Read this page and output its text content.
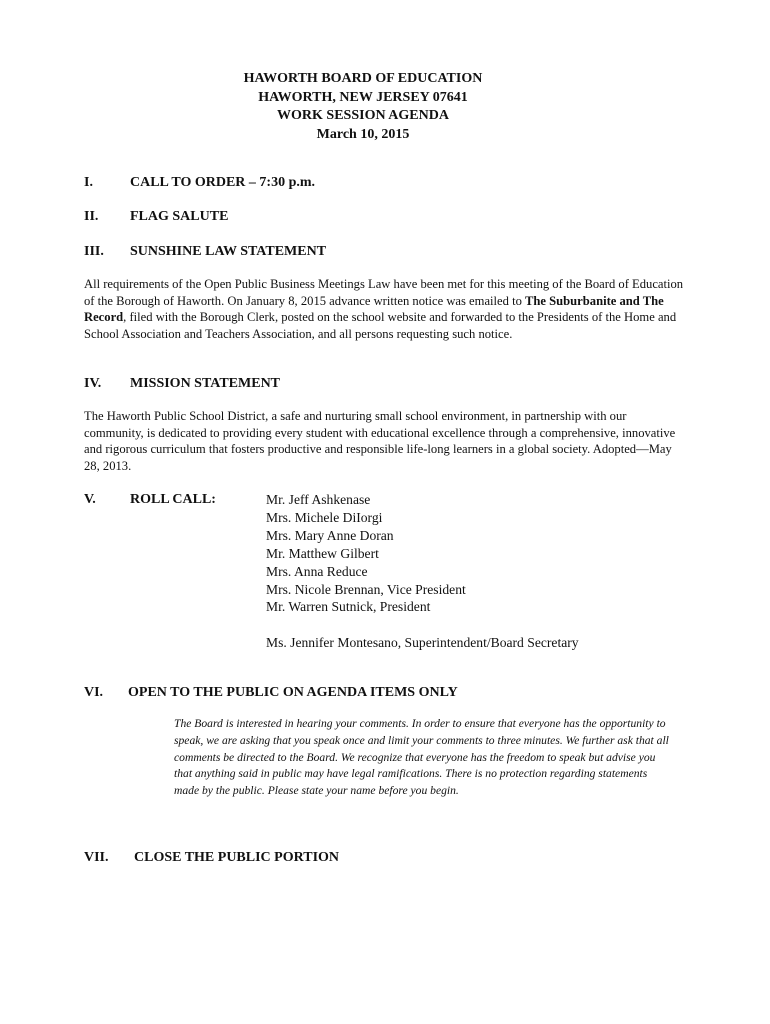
HAWORTH BOARD OF EDUCATION
HAWORTH, NEW JERSEY 07641
WORK SESSION AGENDA
March 10, 2015
I.	CALL TO ORDER – 7:30 p.m.
II. FLAG SALUTE
III. SUNSHINE LAW STATEMENT
All requirements of the Open Public Business Meetings Law have been met for this meeting of the Board of Education of the Borough of Haworth. On January 8, 2015 advance written notice was emailed to The Suburbanite and The Record, filed with the Borough Clerk, posted on the school website and forwarded to the Presidents of the Home and School Association and Teachers Association, and all persons requesting such notice.
IV. MISSION STATEMENT
The Haworth Public School District, a safe and nurturing small school environment, in partnership with our community, is dedicated to providing every student with educational excellence through a comprehensive, innovative and rigorous curriculum that fosters productive and responsible life-long learners in a global society. Adopted—May 28, 2013.
V.	ROLL CALL:	Mr. Jeff Ashkenase
Mrs. Michele DiIorgi
Mrs. Mary Anne Doran
Mr. Matthew Gilbert
Mrs. Anna Reduce
Mrs. Nicole Brennan, Vice President
Mr. Warren Sutnick, President
Ms. Jennifer Montesano, Superintendent/Board Secretary
VI. OPEN TO THE PUBLIC ON AGENDA ITEMS ONLY
The Board is interested in hearing your comments. In order to ensure that everyone has the opportunity to speak, we are asking that you speak once and limit your comments to three minutes. We further ask that all comments be directed to the Board. We recognize that everyone has the freedom to speak but advise you that anything said in public may have legal ramifications. There is no protection regarding statements made by the public. Please state your name before you begin.
VII. CLOSE THE PUBLIC PORTION
